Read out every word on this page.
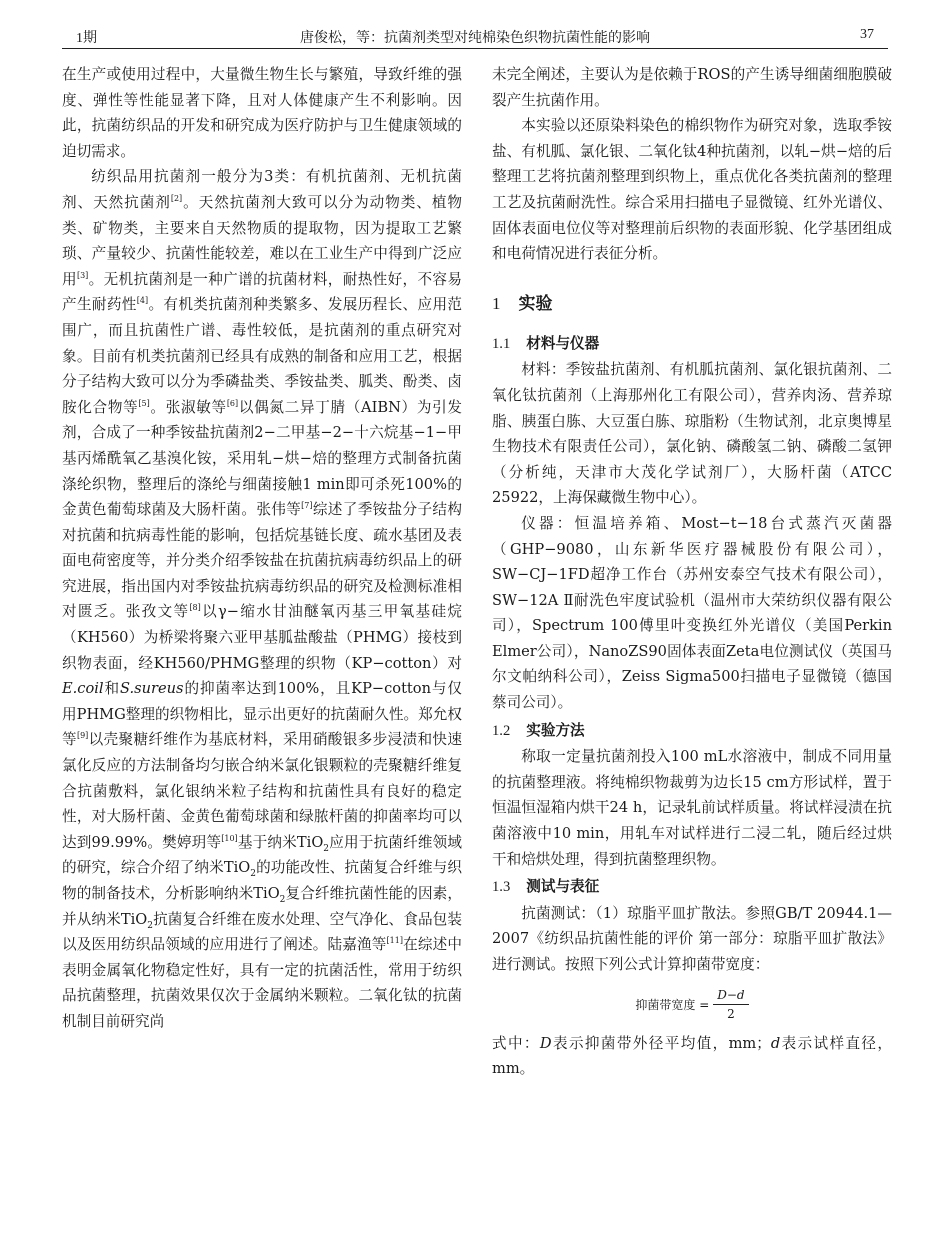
1期	唐俊松，等：抗菌剂类型对纯棉染色织物抗菌性能的影响	37

在生产或使用过程中，大量微生物生长与繁殖，导致纤维的强度、弹性等性能显著下降，且对人体健康产生不利影响。因此，抗菌纺织品的开发和研究成为医疗防护与卫生健康领域的迫切需求。

纺织品用抗菌剂一般分为3类：有机抗菌剂、无机抗菌剂、天然抗菌剂[2]。天然抗菌剂大致可以分为动物类、植物类、矿物类，主要来自天然物质的提取物，因为提取工艺繁琐、产量较少、抗菌性能较差，难以在工业生产中得到广泛应用[3]。无机抗菌剂是一种广谱的抗菌材料，耐热性好，不容易产生耐药性[4]。有机类抗菌剂种类繁多、发展历程长、应用范围广，而且抗菌性广谱、毒性较低，是抗菌剂的重点研究对象。目前有机类抗菌剂已经具有成熟的制备和应用工艺，根据分子结构大致可以分为季磷盐类、季铵盐类、胍类、酚类、卤胺化合物等[5]。张淑敏等[6]以偶氮二异丁腈（AIBN）为引发剂，合成了一种季铵盐抗菌剂2−二甲基−2−十六烷基−1−甲基丙烯酰氧乙基溴化铵，采用轧−烘−焙的整理方式制备抗菌涤纶织物，整理后的涤纶与细菌接触1 min即可杀死100%的金黄色葡萄球菌及大肠杆菌。张伟等[7]综述了季铵盐分子结构对抗菌和抗病毒性能的影响，包括烷基链长度、疏水基团及表面电荷密度等，并分类介绍季铵盐在抗菌抗病毒纺织品上的研究进展，指出国内对季铵盐抗病毒纺织品的研究及检测标准相对匮乏。张孜文等[8]以γ−缩水甘油醚氧丙基三甲氧基硅烷（KH560）为桥梁将聚六亚甲基胍盐酸盐（PHMG）接枝到织物表面，经KH560/PHMG整理的织物（KP−cotton）对E.coil和S.sureus的抑菌率达到100%，且KP−cotton与仅用PHMG整理的织物相比，显示出更好的抗菌耐久性。郑允权等[9]以壳聚糖纤维作为基底材料，采用硝酸银多步浸渍和快速氯化反应的方法制备均匀嵌合纳米氯化银颗粒的壳聚糖纤维复合抗菌敷料，氯化银纳米粒子结构和抗菌性具有良好的稳定性，对大肠杆菌、金黄色葡萄球菌和绿脓杆菌的抑菌率均可以达到99.99%。樊婷玥等[10]基于纳米TiO$_2$应用于抗菌纤维领域的研究，综合介绍了纳米TiO$_2$的功能改性、抗菌复合纤维与织物的制备技术，分析影响纳米TiO$_2$复合纤维抗菌性能的因素，并从纳米TiO$_2$抗菌复合纤维在废水处理、空气净化、食品包装以及医用纺织品领域的应用进行了阐述。陆嘉渔等[11]在综述中表明金属氧化物稳定性好，具有一定的抗菌活性，常用于纺织品抗菌整理，抗菌效果仅次于金属纳米颗粒。二氧化钛的抗菌机制目前研究尚

未完全阐述，主要认为是依赖于ROS的产生诱导细菌细胞膜破裂产生抗菌作用。

本实验以还原染料染色的棉织物作为研究对象，选取季铵盐、有机胍、氯化银、二氧化钛4种抗菌剂，以轧−烘−焙的后整理工艺将抗菌剂整理到织物上，重点优化各类抗菌剂的整理工艺及抗菌耐洗性。综合采用扫描电子显微镜、红外光谱仪、固体表面电位仪等对整理前后织物的表面形貌、化学基团组成和电荷情况进行表征分析。

1 实验
1.1 材料与仪器

材料：季铵盐抗菌剂、有机胍抗菌剂、氯化银抗菌剂、二氧化钛抗菌剂（上海那州化工有限公司），营养肉汤、营养琼脂、胰蛋白胨、大豆蛋白胨、琼脂粉（生物试剂，北京奥博星生物技术有限责任公司），氯化钠、磷酸氢二钠、磷酸二氢钾（分析纯，天津市大茂化学试剂厂），大肠杆菌（ATCC 25922，上海保藏微生物中心）。

仪器：恒温培养箱、Most−t−18台式蒸汽灭菌器（GHP−9080，山东新华医疗器械股份有限公司），SW−CJ−1FD超净工作台（苏州安泰空气技术有限公司），SW−12A Ⅱ耐洗色牢度试验机（温州市大荣纺织仪器有限公司），Spectrum 100傅里叶变换红外光谱仪（美国Perkin Elmer公司），NanoZS90固体表面Zeta电位测试仪（英国马尔文帕纳科公司），Zeiss Sigma500扫描电子显微镜（德国蔡司公司）。

1.2 实验方法

称取一定量抗菌剂投入100 mL水溶液中，制成不同用量的抗菌整理液。将纯棉织物裁剪为边长15 cm方形试样，置于恒温恒湿箱内烘干24 h，记录轧前试样质量。将试样浸渍在抗菌溶液中10 min，用轧车对试样进行二浸二轧，随后经过烘干和焙烘处理，得到抗菌整理织物。

1.3 测试与表征

抗菌测试：（1）琼脂平皿扩散法。参照GB/T 20944.1—2007《纺织品抗菌性能的评价 第一部分：琼脂平皿扩散法》进行测试。按照下列公式计算抑菌带宽度：

抑菌带宽度 = $\frac{D-d}{2}$

式中：D表示抑菌带外径平均值，mm；d表示试样直径，mm。
